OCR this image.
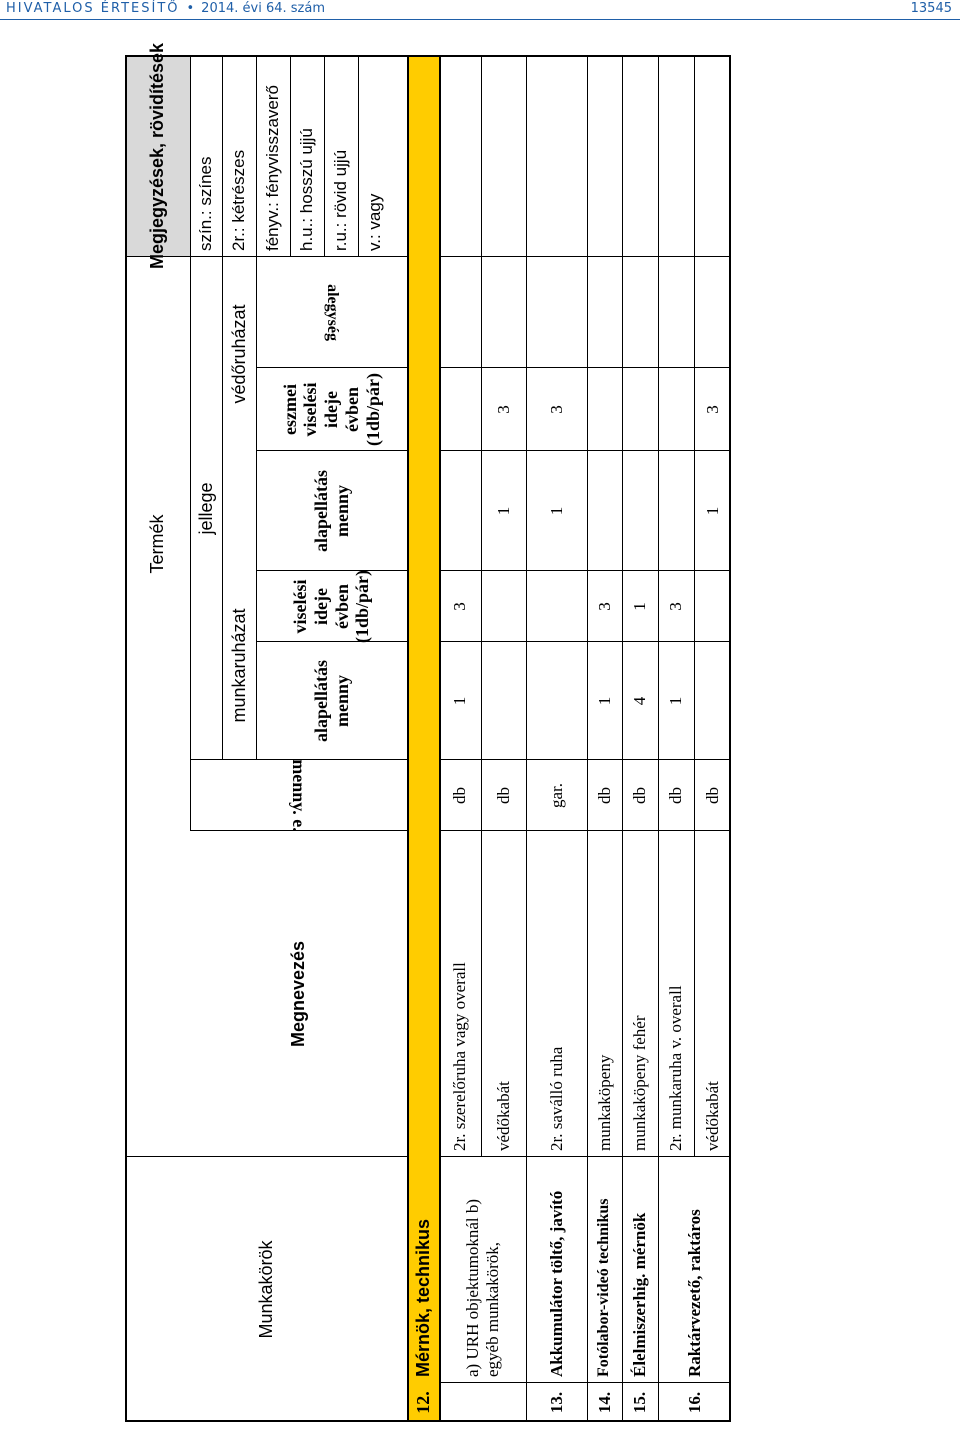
HIVATALOS ÉRTESÍTŐ • 2014. évi 64. szám	13545
Munkakörök
Termék
Megjegyzések, rövidítések
Megnevezés
menny. e.
jellege
munkaruházat
védőruházat
alapellátás menny
viselési ideje évben (1db/pár)
alapellátás menny
eszmei viselési ideje évben (1db/pár)
alegység
szín.: színes 2r.: kétrészes fényv.: fényvisszaverő h.u.: hosszú ujjú r.u.: rövid ujjú v.: vagy
12.
Mérnök, technikus	a) URH objektumoknál b) egyéb munkakörök,
2r. szerelőruha vagy overall
db
1
3
védőkabát
db
1
3
13.
Akkumulátor töltő, javító
2r. saválló ruha
gar.
1
3
14.
Fotólabor-videó technikus
munkaköpeny
db
1
3
15.
Élelmiszerhig. mérnök
munkaköpeny fehér
db
4
1
16.
Raktárvezető, raktáros
2r. munkaruha v. overall
db
1
3
védőkabát
db
1
3
